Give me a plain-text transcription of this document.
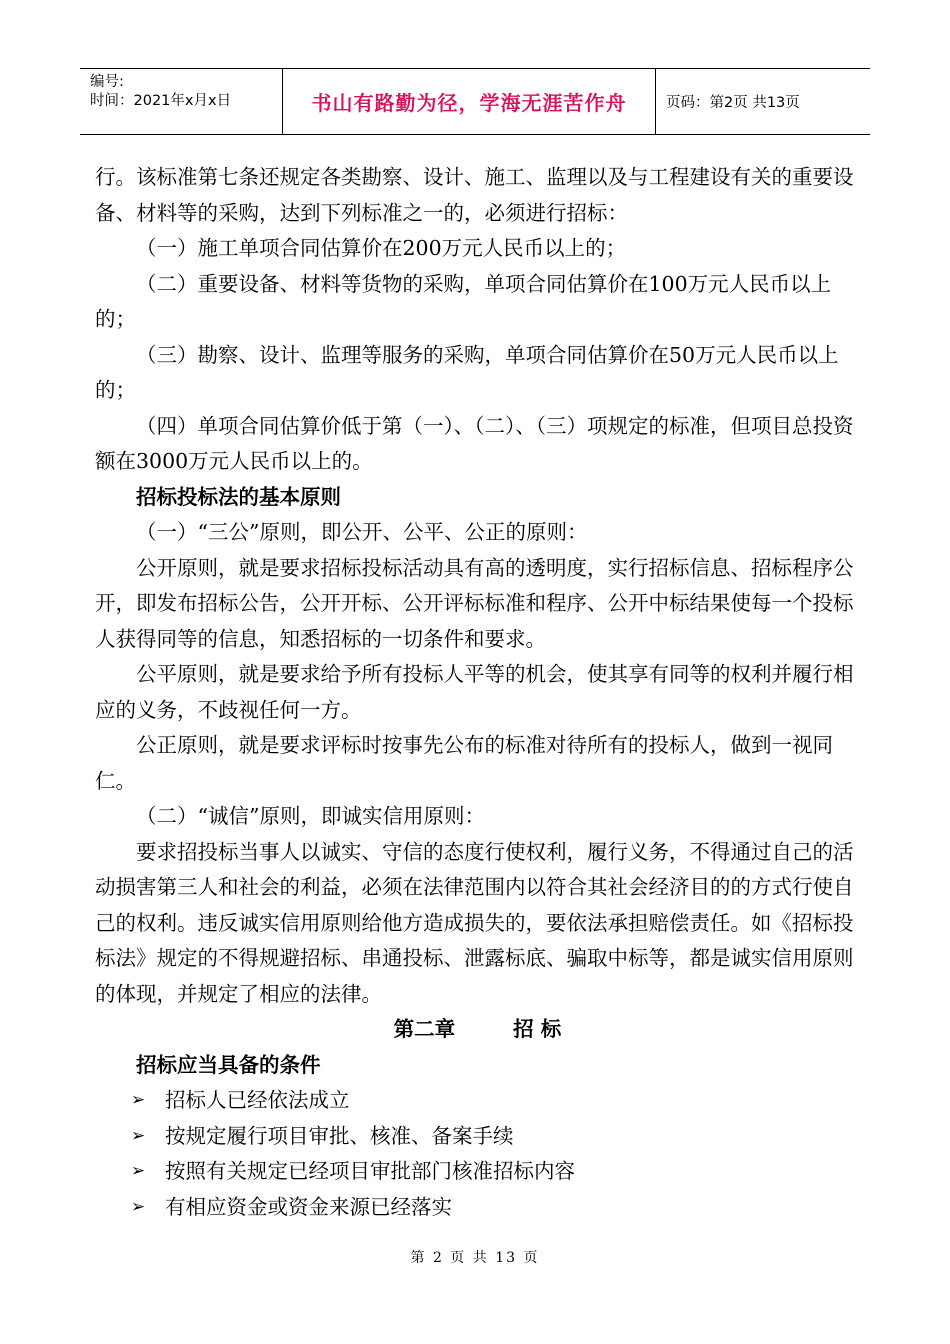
编号:
时间：2021年x月x日	书山有路勤为径，学海无涯苦作舟	页码：第2页 共13页

行。该标准第七条还规定各类勘察、设计、施工、监理以及与工程建设有关的重要设备、材料等的采购，达到下列标准之一的，必须进行招标：

（一）施工单项合同估算价在200万元人民币以上的；

（二）重要设备、材料等货物的采购，单项合同估算价在100万元人民币以上的；

（三）勘察、设计、监理等服务的采购，单项合同估算价在50万元人民币以上的；

（四）单项合同估算价低于第（一）、（二）、（三）项规定的标准，但项目总投资额在3000万元人民币以上的。

招标投标法的基本原则

（一）“三公”原则，即公开、公平、公正的原则：

公开原则，就是要求招标投标活动具有高的透明度，实行招标信息、招标程序公开，即发布招标公告，公开开标、公开评标标准和程序、公开中标结果使每一个投标人获得同等的信息，知悉招标的一切条件和要求。

公平原则，就是要求给予所有投标人平等的机会，使其享有同等的权利并履行相应的义务，不歧视任何一方。

公正原则，就是要求评标时按事先公布的标准对待所有的投标人，做到一视同仁。

（二）“诚信”原则，即诚实信用原则：

要求招投标当事人以诚实、守信的态度行使权利，履行义务，不得通过自己的活动损害第三人和社会的利益，必须在法律范围内以符合其社会经济目的的方式行使自己的权利。违反诚实信用原则给他方造成损失的，要依法承担赔偿责任。如《招标投标法》规定的不得规避招标、串通投标、泄露标底、骗取中标等，都是诚实信用原则的体现，并规定了相应的法律。

第二章	招 标

招标应当具备的条件

➢ 招标人已经依法成立
➢ 按规定履行项目审批、核准、备案手续
➢ 按照有关规定已经项目审批部门核准招标内容
➢ 有相应资金或资金来源已经落实
第 2 页 共 13 页
